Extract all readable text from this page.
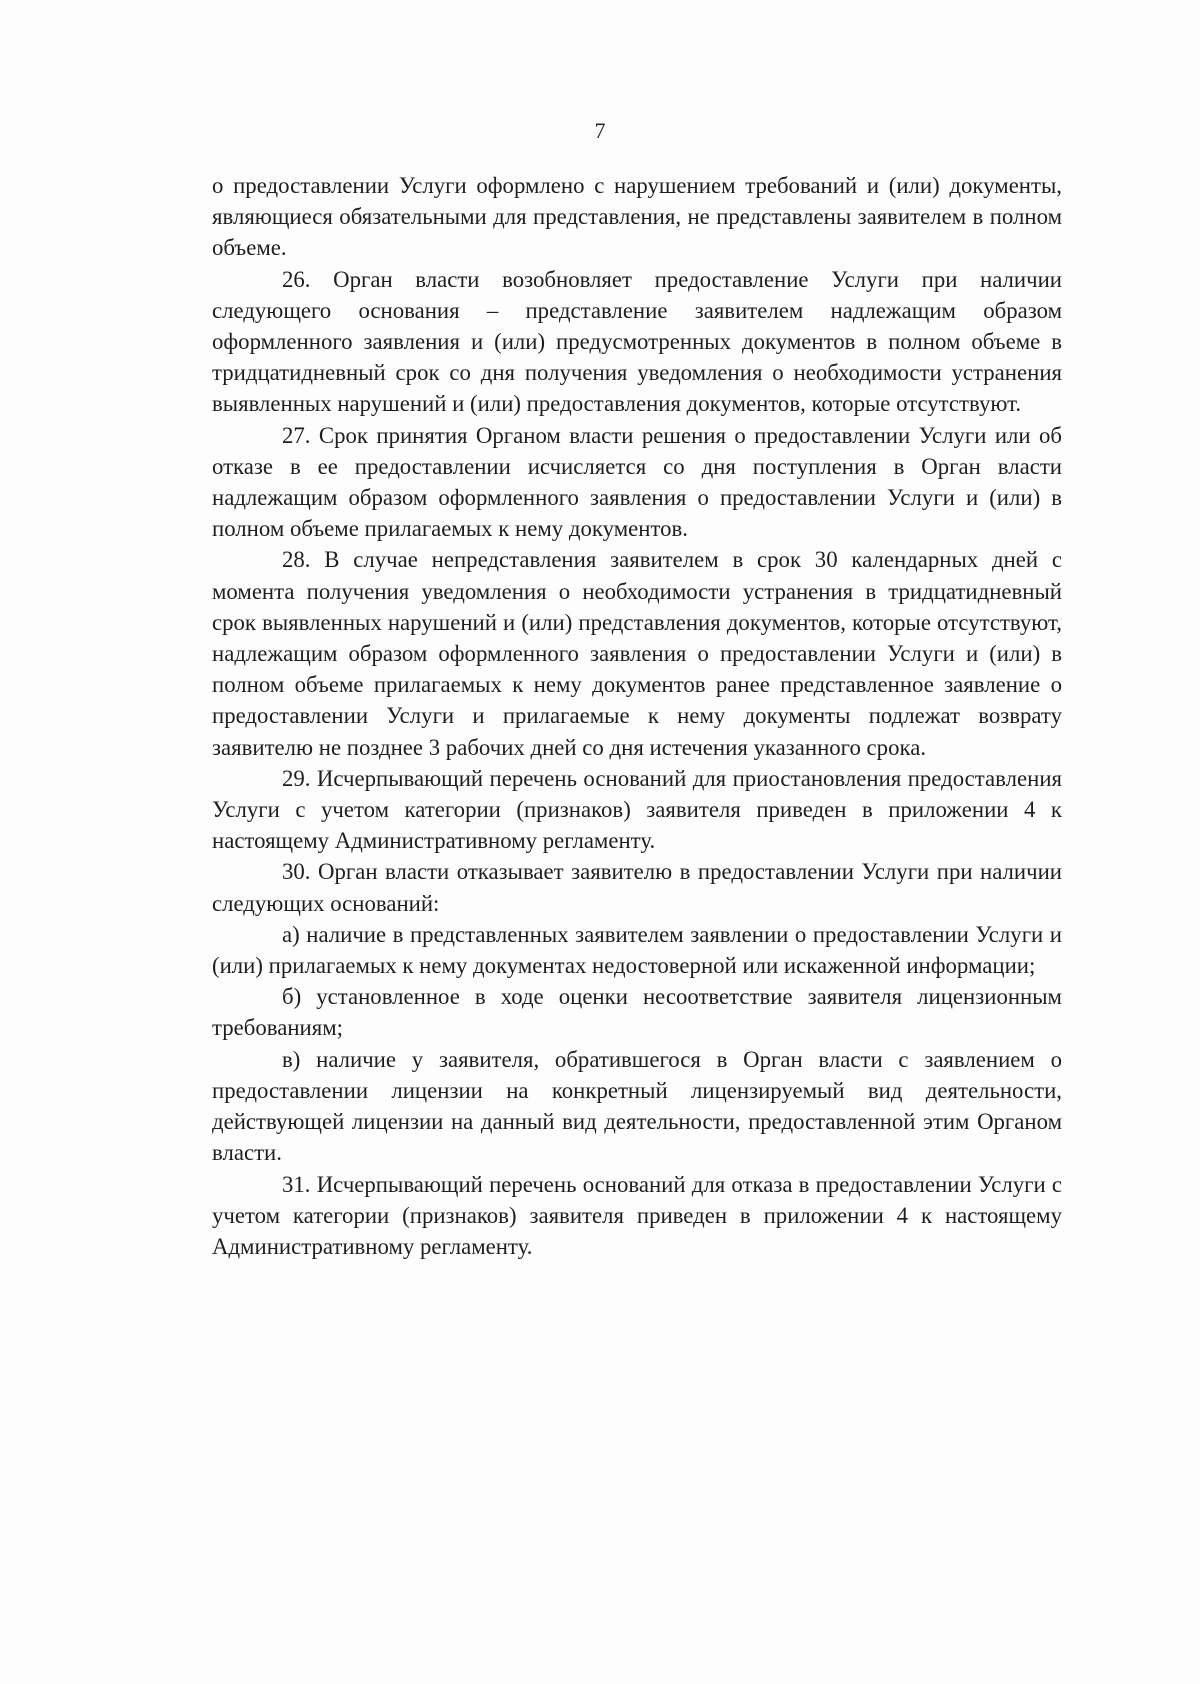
7

о предоставлении Услуги оформлено с нарушением требований и (или) документы, являющиеся обязательными для представления, не представлены заявителем в полном объеме.

26. Орган власти возобновляет предоставление Услуги при наличии следующего основания – представление заявителем надлежащим образом оформленного заявления и (или) предусмотренных документов в полном объеме в тридцатидневный срок со дня получения уведомления о необходимости устранения выявленных нарушений и (или) предоставления документов, которые отсутствуют.

27. Срок принятия Органом власти решения о предоставлении Услуги или об отказе в ее предоставлении исчисляется со дня поступления в Орган власти надлежащим образом оформленного заявления о предоставлении Услуги и (или) в полном объеме прилагаемых к нему документов.

28. В случае непредставления заявителем в срок 30 календарных дней с момента получения уведомления о необходимости устранения в тридцатидневный срок выявленных нарушений и (или) представления документов, которые отсутствуют, надлежащим образом оформленного заявления о предоставлении Услуги и (или) в полном объеме прилагаемых к нему документов ранее представленное заявление о предоставлении Услуги и прилагаемые к нему документы подлежат возврату заявителю не позднее 3 рабочих дней со дня истечения указанного срока.

29. Исчерпывающий перечень оснований для приостановления предоставления Услуги с учетом категории (признаков) заявителя приведен в приложении 4 к настоящему Административному регламенту.

30. Орган власти отказывает заявителю в предоставлении Услуги при наличии следующих оснований:

а) наличие в представленных заявителем заявлении о предоставлении Услуги и (или) прилагаемых к нему документах недостоверной или искаженной информации;

б) установленное в ходе оценки несоответствие заявителя лицензионным требованиям;

в) наличие у заявителя, обратившегося в Орган власти с заявлением о предоставлении лицензии на конкретный лицензируемый вид деятельности, действующей лицензии на данный вид деятельности, предоставленной этим Органом власти.

31. Исчерпывающий перечень оснований для отказа в предоставлении Услуги с учетом категории (признаков) заявителя приведен в приложении 4 к настоящему Административному регламенту.
